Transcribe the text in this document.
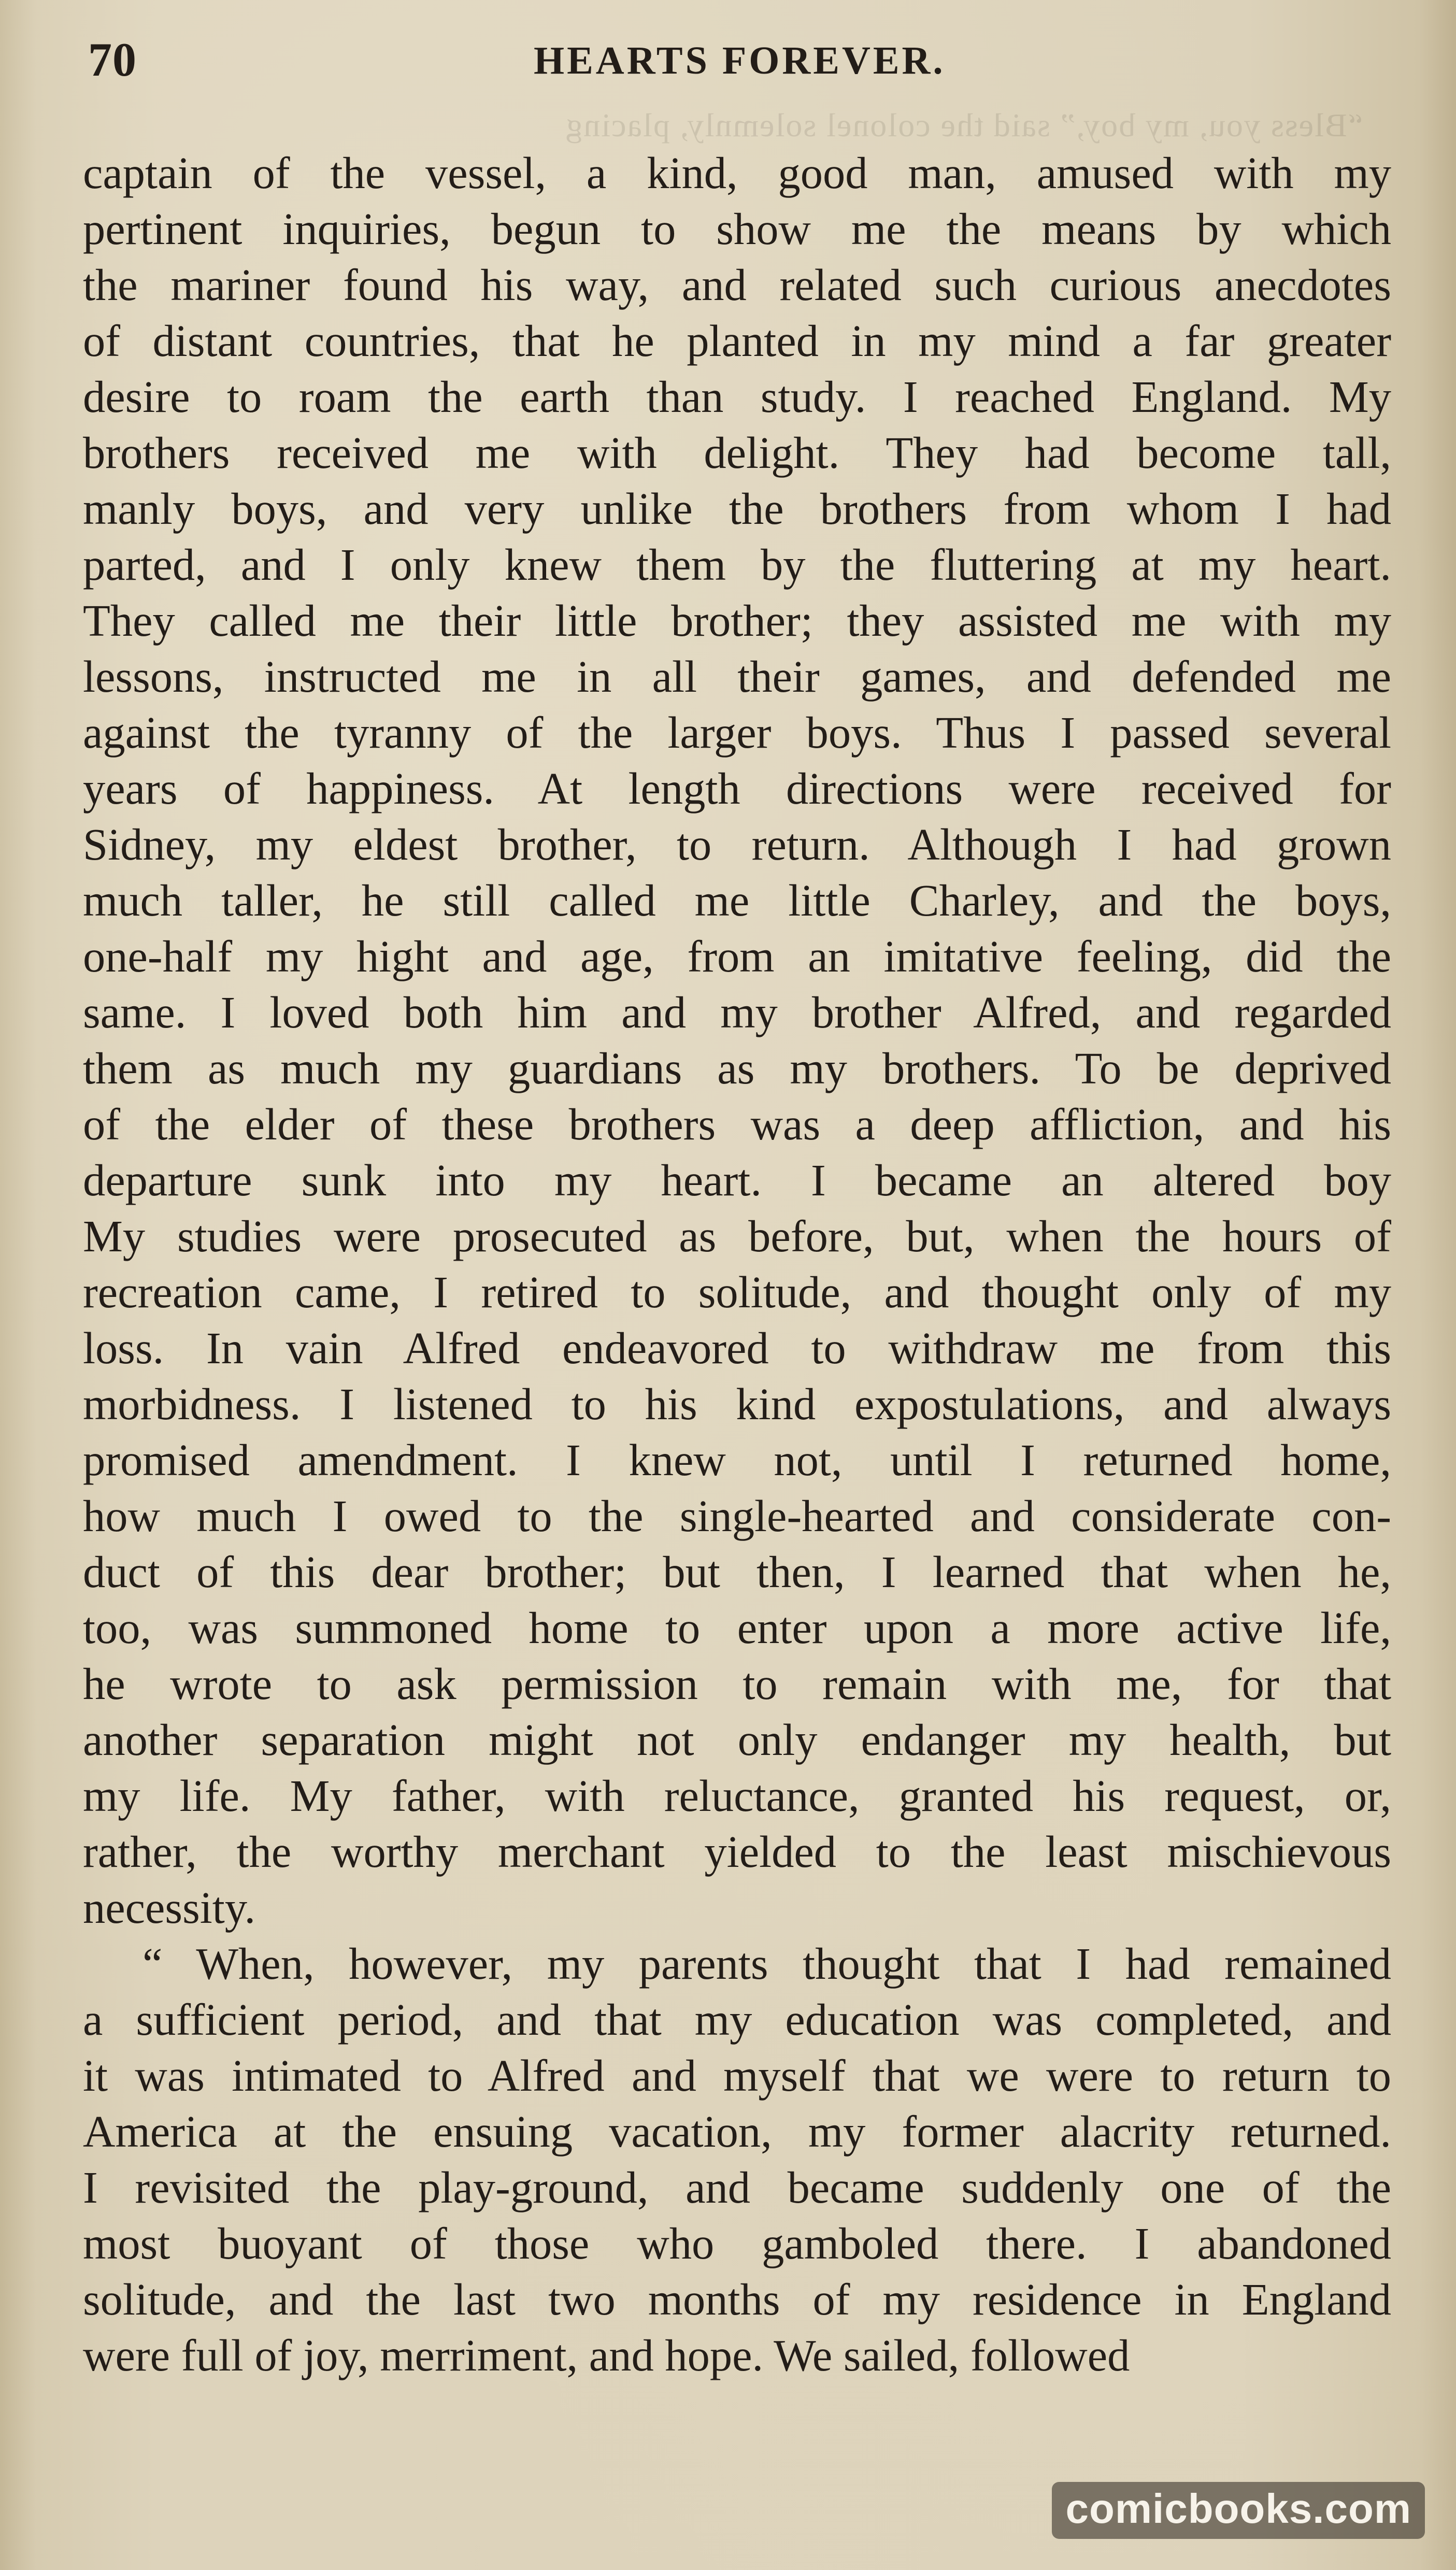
“Bless you, my boy,” said the colonel solemnly, placing
70	HEARTS FOREVER.
captain of the vessel, a kind, good man, amused with my
pertinent inquiries, begun to show me the means by which
the mariner found his way, and related such curious anecdotes
of distant countries, that he planted in my mind a far greater
desire to roam the earth than study. I reached England. My
brothers received me with delight. They had become tall,
manly boys, and very unlike the brothers from whom I had
parted, and I only knew them by the fluttering at my heart.
They called me their little brother; they assisted me with my
lessons, instructed me in all their games, and defended me
against the tyranny of the larger boys. Thus I passed several
years of happiness. At length directions were received for
Sidney, my eldest brother, to return. Although I had grown
much taller, he still called me little Charley, and the boys,
one-half my hight and age, from an imitative feeling, did the
same. I loved both him and my brother Alfred, and regarded
them as much my guardians as my brothers. To be deprived
of the elder of these brothers was a deep affliction, and his
departure sunk into my heart. I became an altered boy
My studies were prosecuted as before, but, when the hours of
recreation came, I retired to solitude, and thought only of my
loss. In vain Alfred endeavored to withdraw me from this
morbidness. I listened to his kind expostulations, and always
promised amendment. I knew not, until I returned home,
how much I owed to the single-hearted and considerate con-
duct of this dear brother; but then, I learned that when he,
too, was summoned home to enter upon a more active life,
he wrote to ask permission to remain with me, for that
another separation might not only endanger my health, but
my life. My father, with reluctance, granted his request, or,
rather, the worthy merchant yielded to the least mischievous
necessity.
“ When, however, my parents thought that I had remained
a sufficient period, and that my education was completed, and
it was intimated to Alfred and myself that we were to return to
America at the ensuing vacation, my former alacrity returned.
I revisited the play-ground, and became suddenly one of the
most buoyant of those who gamboled there. I abandoned
solitude, and the last two months of my residence in England
were full of joy, merriment, and hope. We sailed, followed
comicbooks.com
